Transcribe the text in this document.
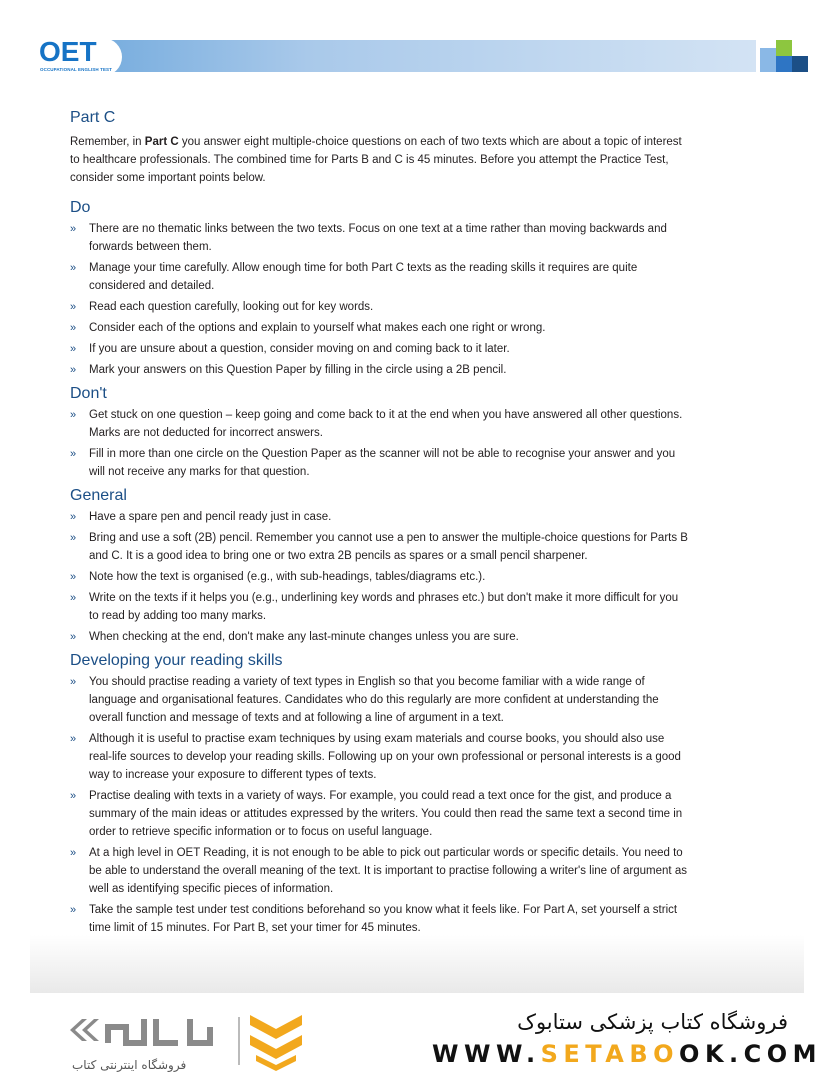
OET
OCCUPATIONAL ENGLISH TEST
Part C

Remember, in Part C you answer eight multiple-choice questions on each of two texts which are about a topic of interest to healthcare professionals. The combined time for Parts B and C is 45 minutes. Before you attempt the Practice Test, consider some important points below.

Do
» There are no thematic links between the two texts. Focus on one text at a time rather than moving backwards and forwards between them.
» Manage your time carefully. Allow enough time for both Part C texts as the reading skills it requires are quite considered and detailed.
» Read each question carefully, looking out for key words.
» Consider each of the options and explain to yourself what makes each one right or wrong.
» If you are unsure about a question, consider moving on and coming back to it later.
» Mark your answers on this Question Paper by filling in the circle using a 2B pencil.
Don't
» Get stuck on one question – keep going and come back to it at the end when you have answered all other questions. Marks are not deducted for incorrect answers.
» Fill in more than one circle on the Question Paper as the scanner will not be able to recognise your answer and you will not receive any marks for that question.
General
» Have a spare pen and pencil ready just in case.
» Bring and use a soft (2B) pencil. Remember you cannot use a pen to answer the multiple-choice questions for Parts B and C. It is a good idea to bring one or two extra 2B pencils as spares or a small pencil sharpener.
» Note how the text is organised (e.g., with sub-headings, tables/diagrams etc.).
» Write on the texts if it helps you (e.g., underlining key words and phrases etc.) but don't make it more difficult for you to read by adding too many marks.
» When checking at the end, don't make any last-minute changes unless you are sure.
Developing your reading skills
» You should practise reading a variety of text types in English so that you become familiar with a wide range of language and organisational features. Candidates who do this regularly are more confident at understanding the overall function and message of texts and at following a line of argument in a text.
» Although it is useful to practise exam techniques by using exam materials and course books, you should also use real-life sources to develop your reading skills. Following up on your own professional or personal interests is a good way to increase your exposure to different types of texts.
» Practise dealing with texts in a variety of ways. For example, you could read a text once for the gist, and produce a summary of the main ideas or attitudes expressed by the writers. You could then read the same text a second time in order to retrieve specific information or to focus on useful language.
» At a high level in OET Reading, it is not enough to be able to pick out particular words or specific details. You need to be able to understand the overall meaning of the text. It is important to practise following a writer's line of argument as well as identifying specific pieces of information.
» Take the sample test under test conditions beforehand so you know what it feels like. For Part A, set yourself a strict time limit of 15 minutes. For Part B, set your timer for 45 minutes.
فروشگاه اینترنتی کتاب
فروشگاه کتاب پزشکی ستابوک
WWW.SETABOOK.COM
